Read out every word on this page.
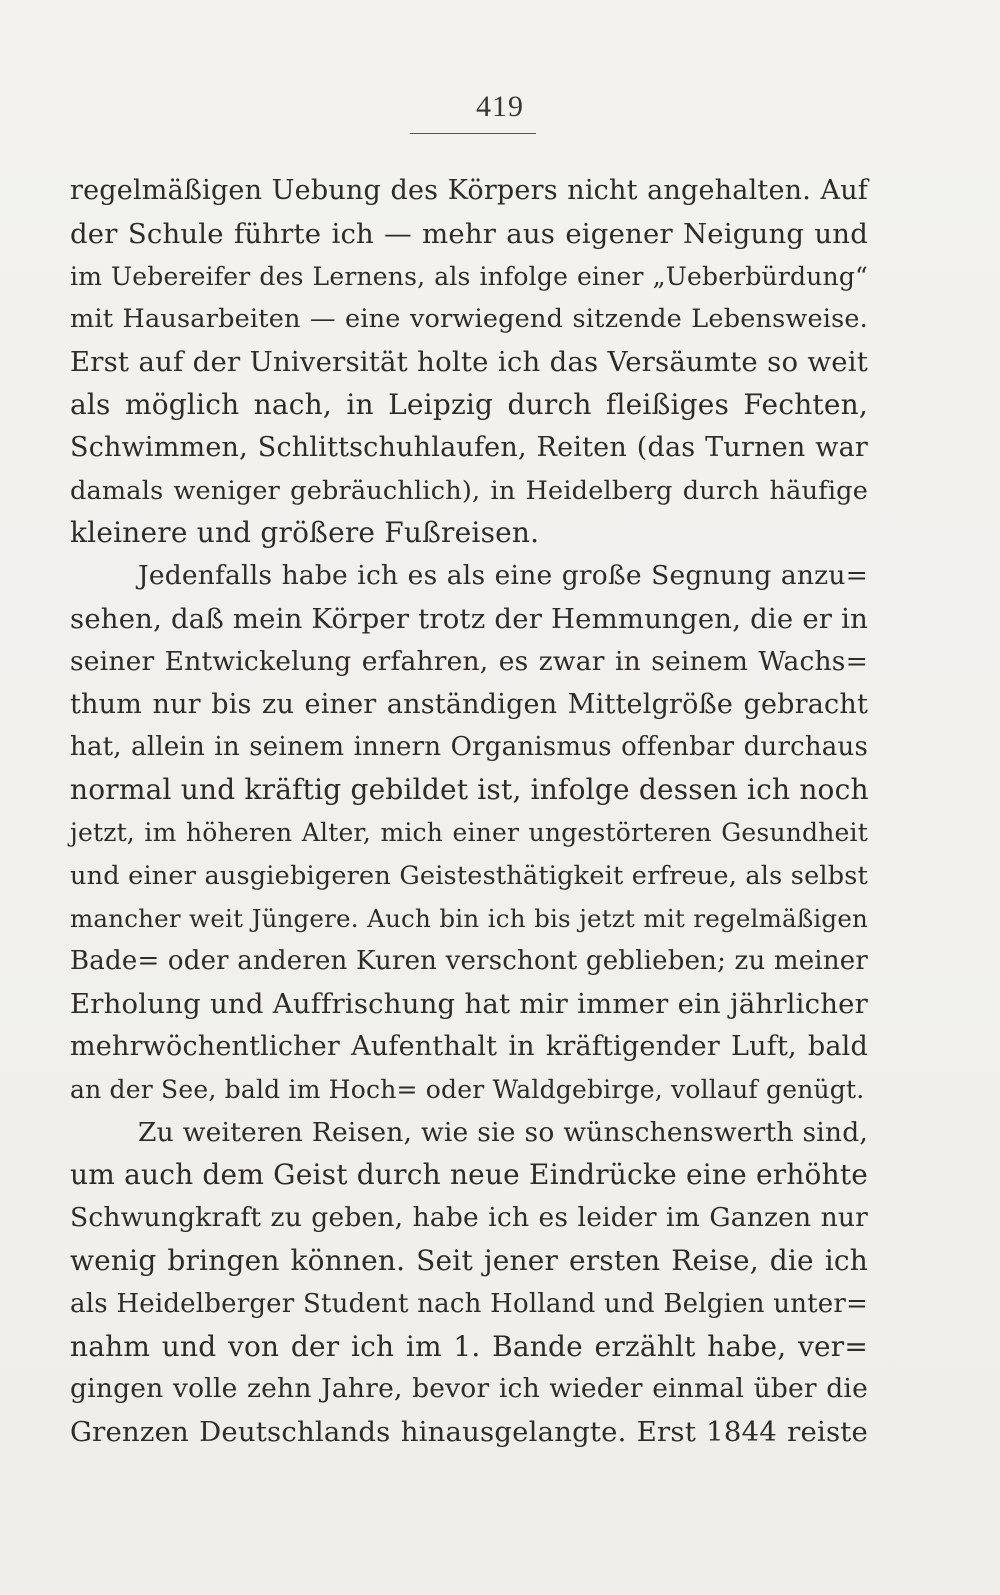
419
regelmäßigen Uebung des Körpers nicht angehalten. Auf
der Schule führte ich — mehr aus eigener Neigung und
im Uebereifer des Lernens, als infolge einer „Ueberbürdung“
mit Hausarbeiten — eine vorwiegend sitzende Lebensweise.
Erst auf der Universität holte ich das Versäumte so weit
als möglich nach, in Leipzig durch fleißiges Fechten,
Schwimmen, Schlittschuhlaufen, Reiten (das Turnen war
damals weniger gebräuchlich), in Heidelberg durch häufige
kleinere und größere Fußreisen.
Jedenfalls habe ich es als eine große Segnung anzu=
sehen, daß mein Körper trotz der Hemmungen, die er in
seiner Entwickelung erfahren, es zwar in seinem Wachs=
thum nur bis zu einer anständigen Mittelgröße gebracht
hat, allein in seinem innern Organismus offenbar durchaus
normal und kräftig gebildet ist, infolge dessen ich noch
jetzt, im höheren Alter, mich einer ungestörteren Gesundheit
und einer ausgiebigeren Geistesthätigkeit erfreue, als selbst
mancher weit Jüngere. Auch bin ich bis jetzt mit regelmäßigen
Bade= oder anderen Kuren verschont geblieben; zu meiner
Erholung und Auffrischung hat mir immer ein jährlicher
mehrwöchentlicher Aufenthalt in kräftigender Luft, bald
an der See, bald im Hoch= oder Waldgebirge, vollauf genügt.
Zu weiteren Reisen, wie sie so wünschenswerth sind,
um auch dem Geist durch neue Eindrücke eine erhöhte
Schwungkraft zu geben, habe ich es leider im Ganzen nur
wenig bringen können. Seit jener ersten Reise, die ich
als Heidelberger Student nach Holland und Belgien unter=
nahm und von der ich im 1. Bande erzählt habe, ver=
gingen volle zehn Jahre, bevor ich wieder einmal über die
Grenzen Deutschlands hinausgelangte. Erst 1844 reiste
